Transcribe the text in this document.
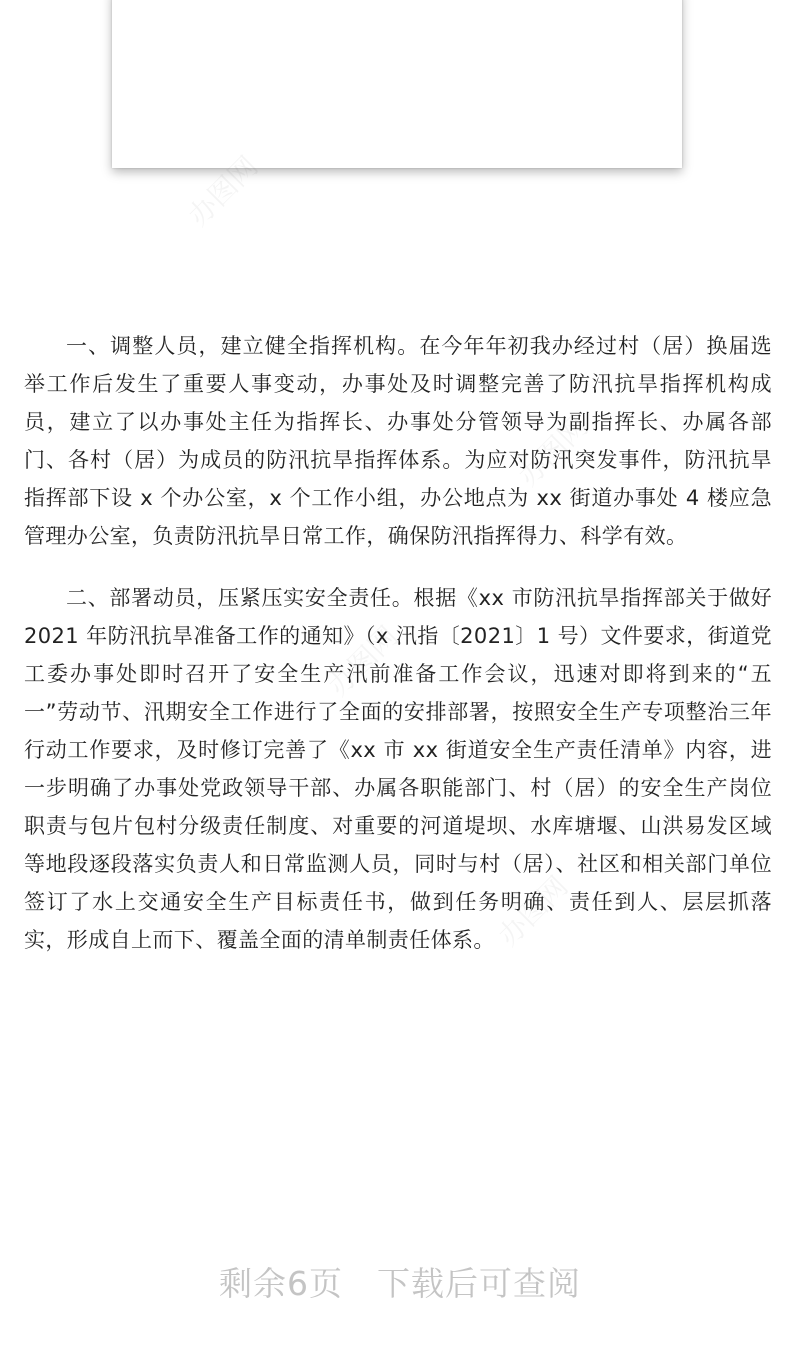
一、调整人员，建立健全指挥机构。在今年年初我办经过村（居）换届选举工作后发生了重要人事变动，办事处及时调整完善了防汛抗旱指挥机构成员，建立了以办事处主任为指挥长、办事处分管领导为副指挥长、办属各部门、各村（居）为成员的防汛抗旱指挥体系。为应对防汛突发事件，防汛抗旱指挥部下设 x 个办公室，x 个工作小组，办公地点为 xx 街道办事处 4 楼应急管理办公室，负责防汛抗旱日常工作，确保防汛指挥得力、科学有效。

二、部署动员，压紧压实安全责任。根据《xx 市防汛抗旱指挥部关于做好 2021 年防汛抗旱准备工作的通知》（x 汛指〔2021〕1 号）文件要求，街道党工委办事处即时召开了安全生产汛前准备工作会议，迅速对即将到来的“五一”劳动节、汛期安全工作进行了全面的安排部署，按照安全生产专项整治三年行动工作要求，及时修订完善了《xx 市 xx 街道安全生产责任清单》内容，进一步明确了办事处党政领导干部、办属各职能部门、村（居）的安全生产岗位职责与包片包村分级责任制度、对重要的河道堤坝、水库塘堰、山洪易发区域等地段逐段落实负责人和日常监测人员，同时与村（居）、社区和相关部门单位签订了水上交通安全生产目标责任书，做到任务明确、责任到人、层层抓落实，形成自上而下、覆盖全面的清单制责任体系。

剩余6页 下载后可查阅
